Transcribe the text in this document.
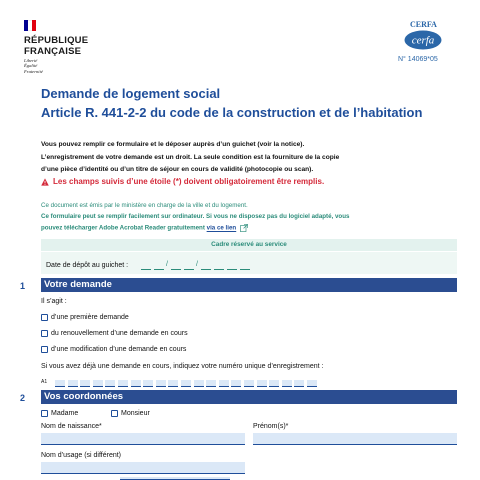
RÉPUBLIQUE
FRANÇAISE
Liberté
Égalité
Fraternité
CERFA
cerfa
N° 14069*05
Demande de logement social
Article R. 441-2-2 du code de la construction et de l’habitation
Vous pouvez remplir ce formulaire et le déposer auprès d’un guichet (voir la notice).
L’enregistrement de votre demande est un droit. La seule condition est la fourniture de la copie
d’une pièce d’identité ou d’un titre de séjour en cours de validité (photocopie ou scan).
Les champs suivis d’une étoile (*) doivent obligatoirement être remplis.
Ce document est émis par le ministère en charge de la ville et du logement.
Ce formulaire peut se remplir facilement sur ordinateur. Si vous ne disposez pas du logiciel adapté, vous
pouvez télécharger Adobe Acrobat Reader gratuitement via ce lien
Cadre réservé au service
Date de dépôt au guichet :	/	/
1	Votre demande
Il s’agit :
d’une première demande
du renouvellement d’une demande en cours
d’une modification d’une demande en cours
Si vous avez déjà une demande en cours, indiquez votre numéro unique d’enregistrement :
A1
2	Vos coordonnées
Madame	Monsieur
Nom de naissance*	Prénom(s)*
Nom d’usage (si différent)
